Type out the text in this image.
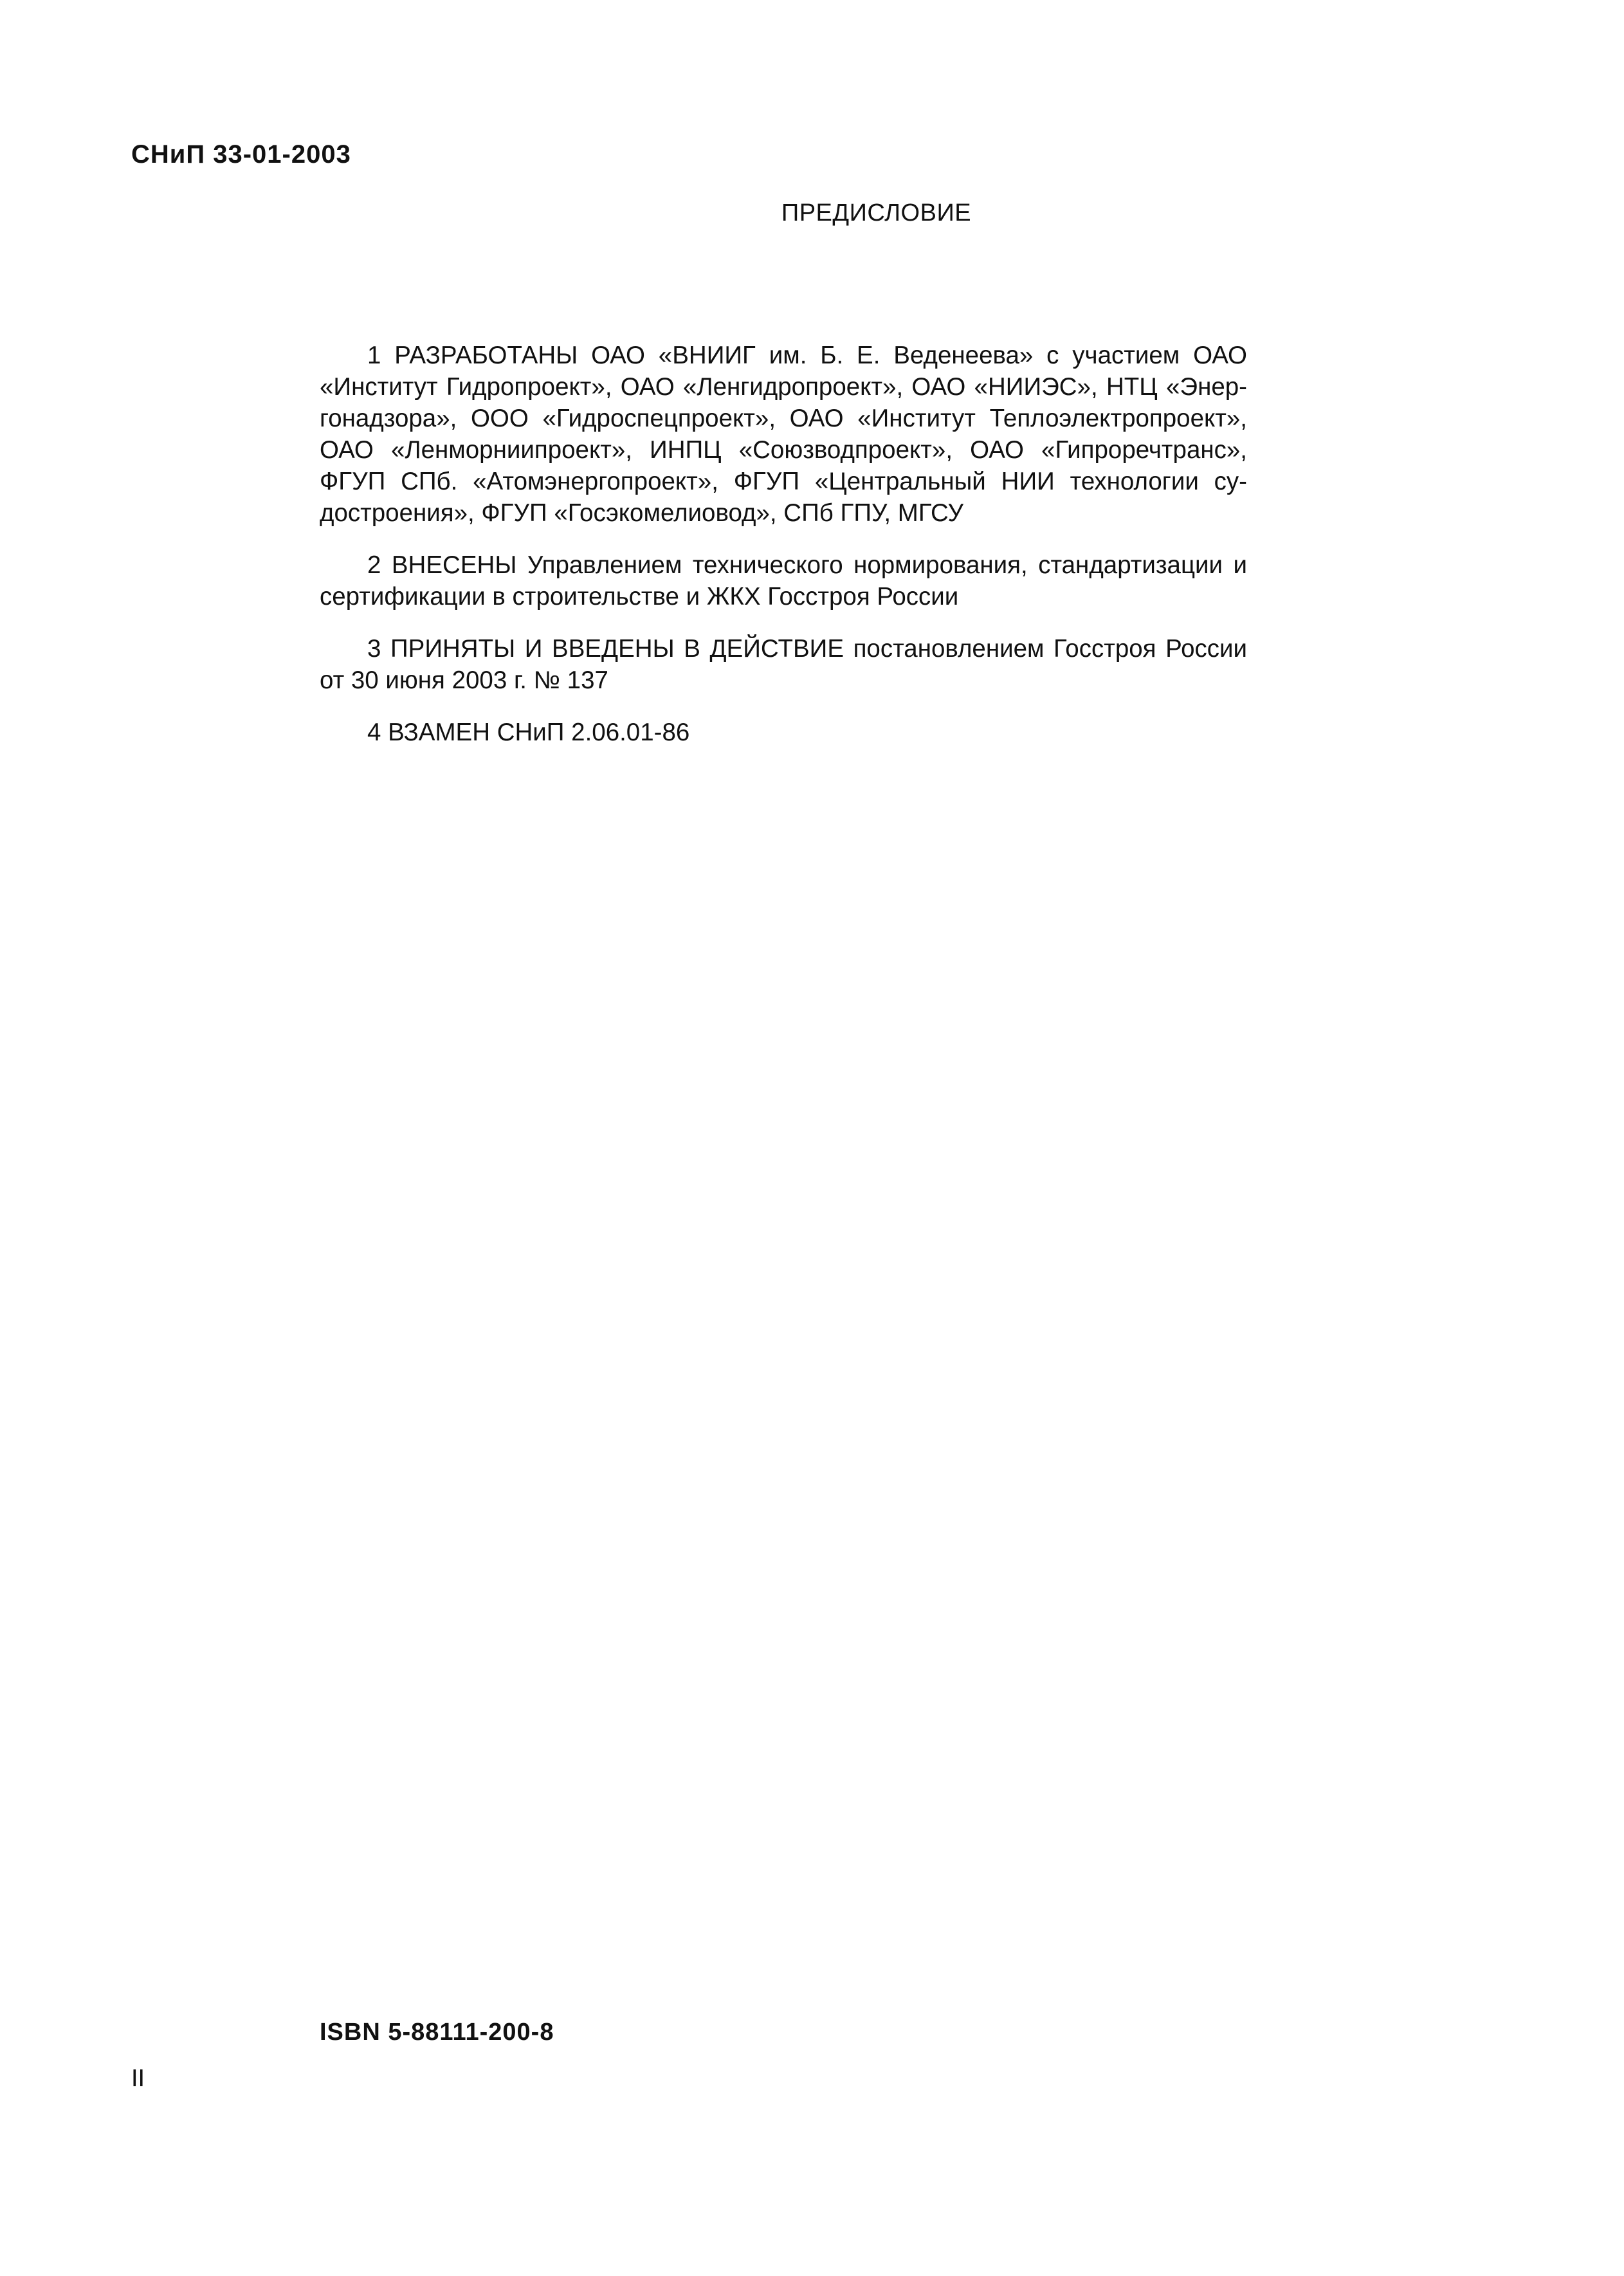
СНиП 33-01-2003
ПРЕДИСЛОВИЕ

1 РАЗРАБОТАНЫ ОАО «ВНИИГ им. Б. Е. Веденеева» с участием ОАО «Институт Гидропроект», ОАО «Ленгидропроект», ОАО «НИИЭС», НТЦ «Энергонадзора», ООО «Гидроспецпроект», ОАО «Институт Теплоэлектропроект», ОАО «Ленморниипроект», ИНПЦ «Союзводпроект», ОАО «Гипроречтранс», ФГУП СПб. «Атомэнергопроект», ФГУП «Центральный НИИ технологии судостроения», ФГУП «Госэкомелиовод», СПб ГПУ, МГСУ

2 ВНЕСЕНЫ Управлением технического нормирования, стандартизации и сертификации в строительстве и ЖКХ Госстроя России

3 ПРИНЯТЫ И ВВЕДЕНЫ В ДЕЙСТВИЕ постановлением Госстроя России от 30 июня 2003 г. № 137

4 ВЗАМЕН СНиП 2.06.01-86

ISBN 5-88111-200-8
II
